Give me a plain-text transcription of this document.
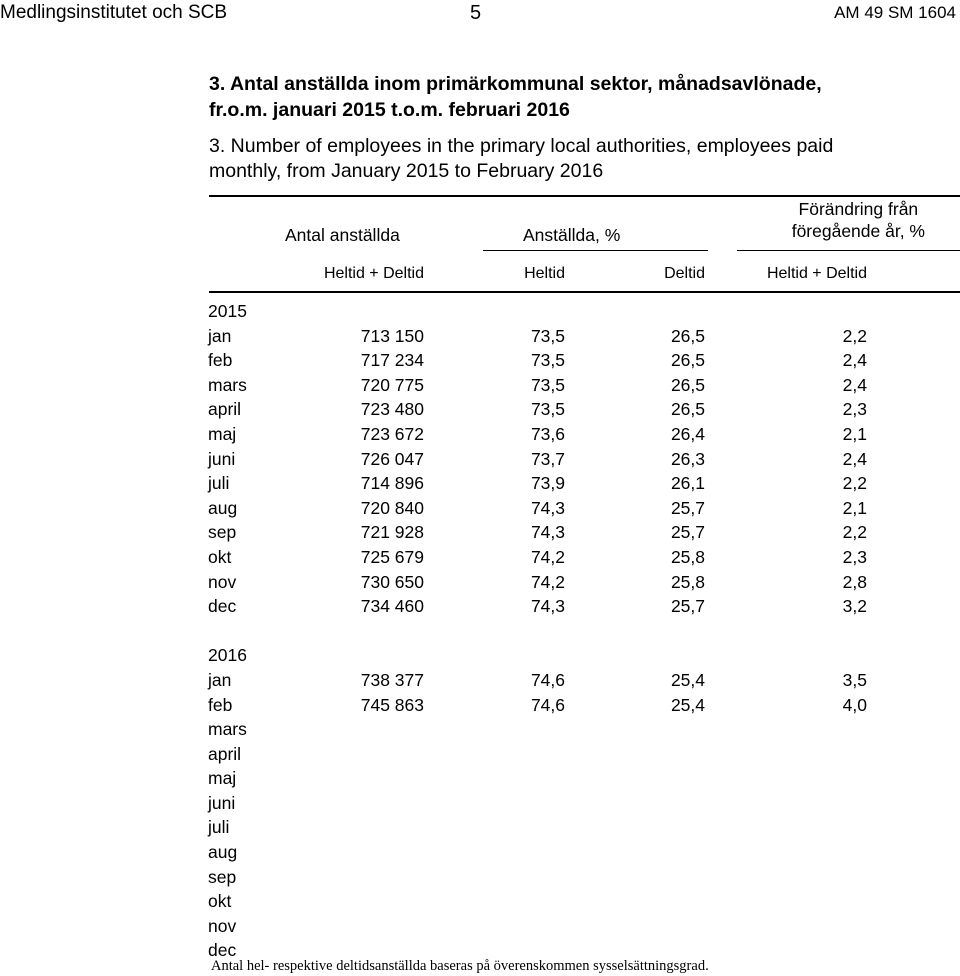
Medlingsinstitutet och SCB	5	AM 49 SM 1604
3. Antal anställda inom primärkommunal sektor, månadsavlönade,
fr.o.m. januari 2015 t.o.m. februari 2016
3. Number of employees in the primary local authorities, employees paid
monthly, from January 2015 to February 2016
Antal anställda	Anställda, %
Förändring från
föregående år, %
Heltid + Deltid	Heltid	Deltid	Heltid + Deltid
2015
jan	713 150	73,5	26,5	2,2
feb	717 234	73,5	26,5	2,4
mars	720 775	73,5	26,5	2,4
april	723 480	73,5	26,5	2,3
maj	723 672	73,6	26,4	2,1
juni	726 047	73,7	26,3	2,4
juli	714 896	73,9	26,1	2,2
aug	720 840	74,3	25,7	2,1
sep	721 928	74,3	25,7	2,2
okt	725 679	74,2	25,8	2,3
nov	730 650	74,2	25,8	2,8
dec	734 460	74,3	25,7	3,2
2016
jan	738 377	74,6	25,4	3,5
feb	745 863	74,6	25,4	4,0
mars
april
maj
juni
juli
aug
sep
okt
nov
dec
Antal hel- respektive deltidsanställda baseras på överenskommen sysselsättningsgrad.
